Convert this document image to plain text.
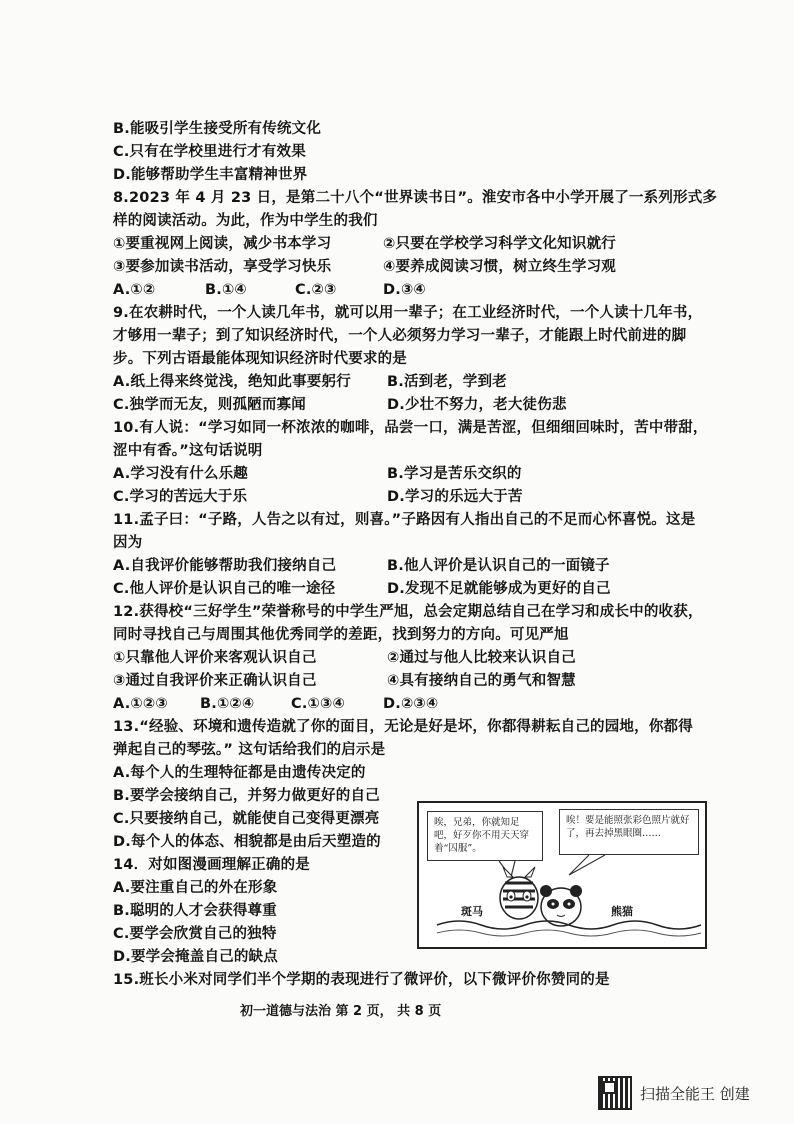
B.能吸引学生接受所有传统文化
C.只有在学校里进行才有效果
D.能够帮助学生丰富精神世界
8.2023 年 4 月 23 日，是第二十八个“世界读书日”。淮安市各中小学开展了一系列形式多
样的阅读活动。为此，作为中学生的我们
①要重视网上阅读，减少书本学习	②只要在学校学习科学文化知识就行
③要参加读书活动，享受学习快乐	④要养成阅读习惯，树立终生学习观
A.①②	B.①④	C.②③	D.③④
9.在农耕时代，一个人读几年书，就可以用一辈子；在工业经济时代，一个人读十几年书，
才够用一辈子；到了知识经济时代，一个人必须努力学习一辈子，才能跟上时代前进的脚
步。下列古语最能体现知识经济时代要求的是
A.纸上得来终觉浅，绝知此事要躬行 B.活到老，学到老
C.独学而无友，则孤陋而寡闻	D.少壮不努力，老大徒伤悲
10.有人说：“学习如同一杯浓浓的咖啡，品尝一口，满是苦涩，但细细回味时，苦中带甜，
涩中有香。”这句话说明
A.学习没有什么乐趣	B.学习是苦乐交织的
C.学习的苦远大于乐	D.学习的乐远大于苦
11.孟子曰：“子路，人告之以有过，则喜。”子路因有人指出自己的不足而心怀喜悦。这是
因为
A.自我评价能够帮助我们接纳自己	B.他人评价是认识自己的一面镜子
C.他人评价是认识自己的唯一途径	D.发现不足就能够成为更好的自己
12.获得校“三好学生”荣誉称号的中学生严旭，总会定期总结自己在学习和成长中的收获，
同时寻找自己与周围其他优秀同学的差距，找到努力的方向。可见严旭
①只靠他人评价来客观认识自己	②通过与他人比较来认识自己
③通过自我评价来正确认识自己	④具有接纳自己的勇气和智慧
A.①②③ B.①②④	C.①③④	D.②③④
13.“经验、环境和遗传造就了你的面目，无论是好是坏，你都得耕耘自己的园地，你都得
弹起自己的琴弦。” 这句话给我们的启示是
A.每个人的生理特征都是由遗传决定的
B.要学会接纳自己，并努力做更好的自己
C.只要接纳自己，就能使自己变得更漂亮
D.每个人的体态、相貌都是由后天塑造的
14．对如图漫画理解正确的是
A.要注重自己的外在形象
B.聪明的人才会获得尊重
C.要学会欣赏自己的独特
D.要学会掩盖自己的缺点
15.班长小米对同学们半个学期的表现进行了微评价，以下微评价你赞同的是
唉，兄弟，你就知足吧，好歹你不用天天穿着“囚服”。
唉！要是能照张彩色照片就好了，再去掉黑眼圈……
斑马	熊猫
初一道德与法治 第 2 页， 共 8 页
扫描全能王 创建
